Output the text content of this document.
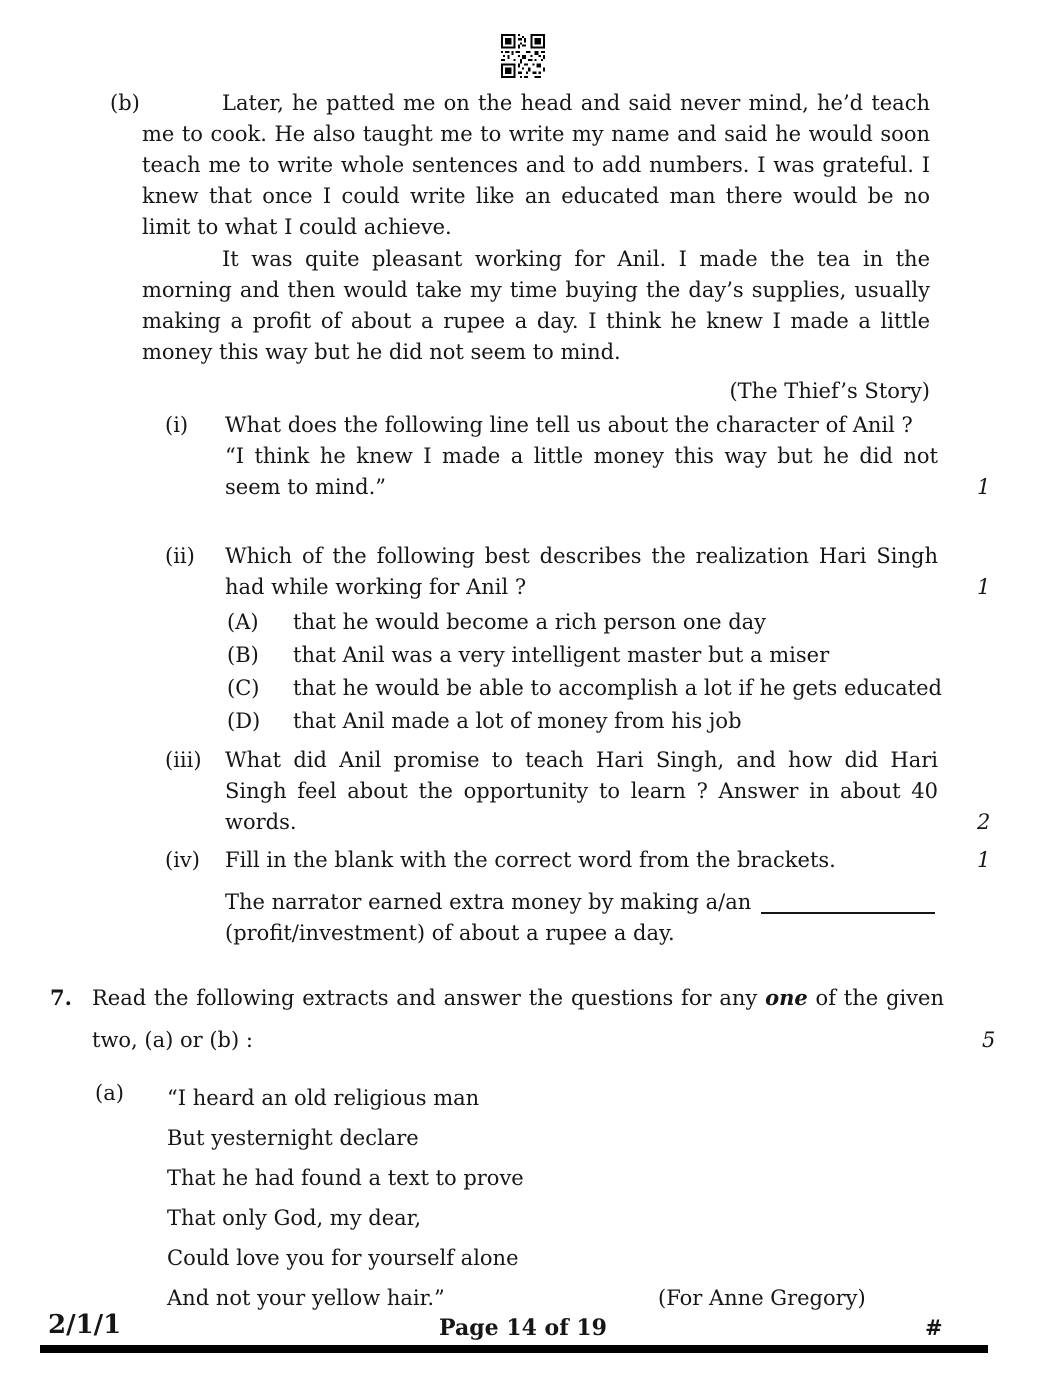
(b)	Later, he patted me on the head and said never mind, he’d teach me to cook. He also taught me to write my name and said he would soon teach me to write whole sentences and to add numbers. I was grateful. I knew that once I could write like an educated man there would be no limit to what I could achieve.

It was quite pleasant working for Anil. I made the tea in the morning and then would take my time buying the day’s supplies, usually making a profit of about a rupee a day. I think he knew I made a little money this way but he did not seem to mind.

(The Thief’s Story)
(i)	What does the following line tell us about the character of Anil ?

“I think he knew I made a little money this way but he did not seem to mind.”	1

(ii)	Which of the following best describes the realization Hari Singh had while working for Anil ?	1

(A)	that he would become a rich person one day
(B)	that Anil was a very intelligent master but a miser
(C)	that he would be able to accomplish a lot if he gets educated
(D)	that Anil made a lot of money from his job
(iii)	What did Anil promise to teach Hari Singh, and how did Hari Singh feel about the opportunity to learn ? Answer in about 40 words.	2

(iv)	Fill in the blank with the correct word from the brackets.	1

The narrator earned extra money by making a/an
(profit/investment) of about a rupee a day.
7. Read the following extracts and answer the questions for any one of the given two, (a) or (b) :	5

(a)	“I heard an old religious man
But yesternight declare
That he had found a text to prove
That only God, my dear,
Could love you for yourself alone
And not your yellow hair.”	(For Anne Gregory)
2/1/1	Page 14 of 19	#
